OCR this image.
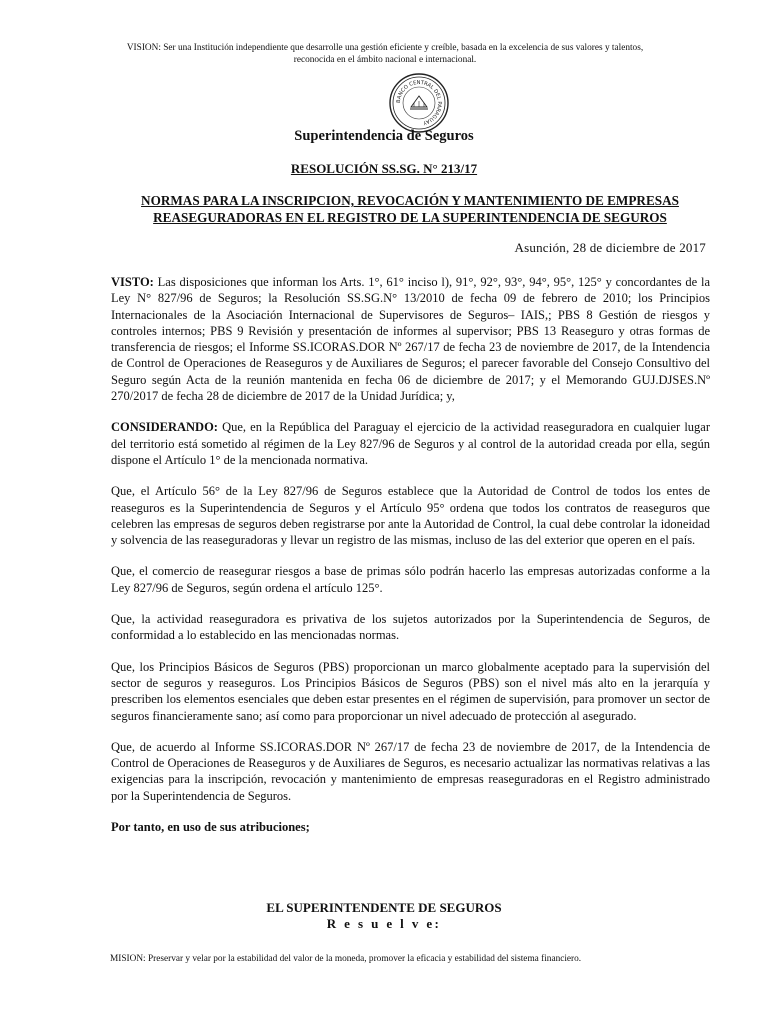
VISION: Ser una Institución independiente que desarrolle una gestión eficiente y creíble, basada en la excelencia de sus valores y talentos,
reconocida en el ámbito nacional e internacional.
BANCO CENTRAL DEL PARAGUAY
Superintendencia de Seguros
RESOLUCIÓN SS.SG. N° 213/17
NORMAS PARA LA INSCRIPCION, REVOCACIÓN Y MANTENIMIENTO DE EMPRESAS REASEGURADORAS EN EL REGISTRO DE LA SUPERINTENDENCIA DE SEGUROS
Asunción, 28 de diciembre de 2017

VISTO: Las disposiciones que informan los Arts. 1°, 61° inciso l), 91°, 92°, 93°, 94°, 95°, 125° y concordantes de la Ley N° 827/96 de Seguros; la Resolución SS.SG.N° 13/2010 de fecha 09 de febrero de 2010; los Principios Internacionales de la Asociación Internacional de Supervisores de Seguros– IAIS,; PBS 8 Gestión de riesgos y controles internos; PBS 9 Revisión y presentación de informes al supervisor; PBS 13 Reaseguro y otras formas de transferencia de riesgos; el Informe SS.ICORAS.DOR Nº 267/17 de fecha 23 de noviembre de 2017, de la Intendencia de Control de Operaciones de Reaseguros y de Auxiliares de Seguros; el parecer favorable del Consejo Consultivo del Seguro según Acta de la reunión mantenida en fecha 06 de diciembre de 2017; y el Memorando GUJ.DJSES.Nº 270/2017 de fecha 28 de diciembre de 2017 de la Unidad Jurídica; y,

CONSIDERANDO: Que, en la República del Paraguay el ejercicio de la actividad reaseguradora en cualquier lugar del territorio está sometido al régimen de la Ley 827/96 de Seguros y al control de la autoridad creada por ella, según dispone el Artículo 1° de la mencionada normativa.

Que, el Artículo 56° de la Ley 827/96 de Seguros establece que la Autoridad de Control de todos los entes de reaseguros es la Superintendencia de Seguros y el Artículo 95° ordena que todos los contratos de reaseguros que celebren las empresas de seguros deben registrarse por ante la Autoridad de Control, la cual debe controlar la idoneidad y solvencia de las reaseguradoras y llevar un registro de las mismas, incluso de las del exterior que operen en el país.

Que, el comercio de reasegurar riesgos a base de primas sólo podrán hacerlo las empresas autorizadas conforme a la Ley 827/96 de Seguros, según ordena el artículo 125°.

Que, la actividad reaseguradora es privativa de los sujetos autorizados por la Superintendencia de Seguros, de conformidad a lo establecido en las mencionadas normas.

Que, los Principios Básicos de Seguros (PBS) proporcionan un marco globalmente aceptado para la supervisión del sector de seguros y reaseguros. Los Principios Básicos de Seguros (PBS) son el nivel más alto en la jerarquía y prescriben los elementos esenciales que deben estar presentes en el régimen de supervisión, para promover un sector de seguros financieramente sano; así como para proporcionar un nivel adecuado de protección al asegurado.

Que, de acuerdo al Informe SS.ICORAS.DOR Nº 267/17 de fecha 23 de noviembre de 2017, de la Intendencia de Control de Operaciones de Reaseguros y de Auxiliares de Seguros, es necesario actualizar las normativas relativas a las exigencias para la inscripción, revocación y mantenimiento de empresas reaseguradoras en el Registro administrado por la Superintendencia de Seguros.

Por tanto, en uso de sus atribuciones;

EL SUPERINTENDENTE DE SEGUROS
R e s u e l v e:
MISION: Preservar y velar por la estabilidad del valor de la moneda, promover la eficacia y estabilidad del sistema financiero.
